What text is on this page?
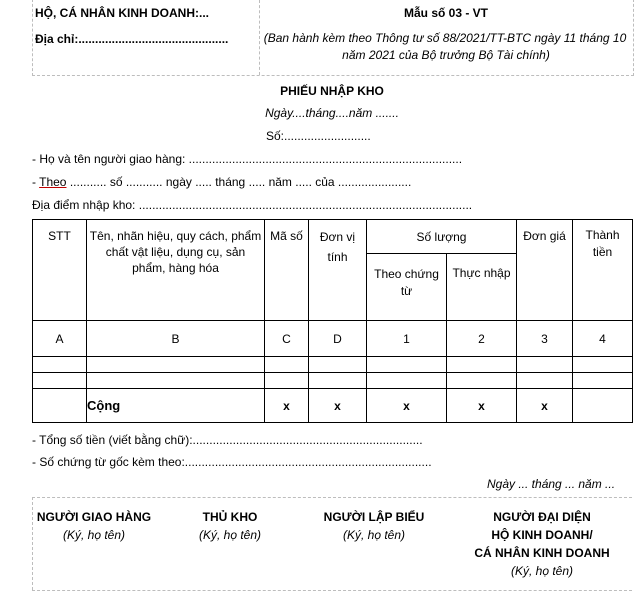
HỘ, CÁ NHÂN KINH DOANH:...
Địa chỉ:.............................................
Mẫu số 03 - VT
(Ban hành kèm theo Thông tư số 88/2021/TT-BTC ngày 11 tháng 10
năm 2021 của Bộ trưởng Bộ Tài chính)
PHIẾU NHẬP KHO
Ngày....tháng....năm .......
Số:..........................
- Họ và tên người giao hàng: ..................................................................................
- Theo ........... số ........... ngày ..... tháng ..... năm ..... của ......................
Địa điểm nhập kho: ....................................................................................................
STT	Tên, nhãn hiệu, quy cách, phẩm chất vật liệu, dụng cụ, sản phẩm, hàng hóa	Mã số	Đơn vị tính	Số lượng		Đơn giá	Thành tiền
				Theo chứng từ	Thực nhập		
A	B	C	D	1	2	3	4

	Cộng	x	x	x	x	x	
- Tổng số tiền (viết bằng chữ):.....................................................................
- Số chứng từ gốc kèm theo:..........................................................................
Ngày ... tháng ... năm ...
NGƯỜI GIAO HÀNG
(Ký, họ tên)
THỦ KHO
(Ký, họ tên)
NGƯỜI LẬP BIỂU
(Ký, họ tên)
NGƯỜI ĐẠI DIỆN
HỘ KINH DOANH/
CÁ NHÂN KINH DOANH
(Ký, họ tên)
